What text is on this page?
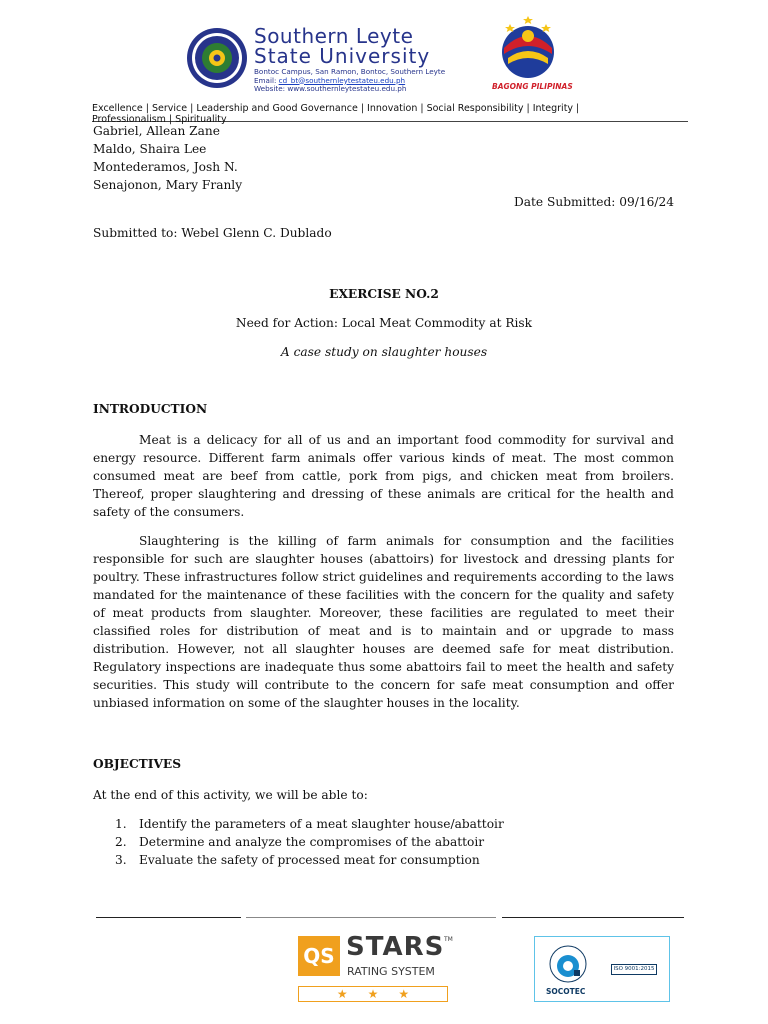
Southern Leyte
State University
Bontoc Campus, San Ramon, Bontoc, Southern Leyte
Email: cd_bt@southernleytestateu.edu.ph
Website: www.southernleytestateu.edu.ph	BAGONG PILIPINAS
Excellence | Service | Leadership and Good Governance | Innovation | Social Responsibility | Integrity | Professionalism | Spirituality
Gabriel, Allean Zane
Maldo, Shaira Lee
Montederamos, Josh N.
Senajonon, Mary Franly
Date Submitted: 09/16/24
Submitted to: Webel Glenn C. Dublado
EXERCISE NO.2
Need for Action: Local Meat Commodity at Risk
A case study on slaughter houses
INTRODUCTION

Meat is a delicacy for all of us and an important food commodity for survival and energy resource. Different farm animals offer various kinds of meat. The most common consumed meat are beef from cattle, pork from pigs, and chicken meat from broilers. Thereof, proper slaughtering and dressing of these animals are critical for the health and safety of the consumers.

Slaughtering is the killing of farm animals for consumption and the facilities responsible for such are slaughter houses (abattoirs) for livestock and dressing plants for poultry. These infrastructures follow strict guidelines and requirements according to the laws mandated for the maintenance of these facilities with the concern for the quality and safety of meat products from slaughter. Moreover, these facilities are regulated to meet their classified roles for distribution of meat and is to maintain and or upgrade to mass distribution. However, not all slaughter houses are deemed safe for meat distribution. Regulatory inspections are inadequate thus some abattoirs fail to meet the health and safety securities. This study will contribute to the concern for safe meat consumption and offer unbiased information on some of the slaughter houses in the locality.

OBJECTIVES
At the end of this activity, we will be able to:
1. Identify the parameters of a meat slaughter house/abattoir
2. Determine and analyze the compromises of the abattoir
3. Evaluate the safety of processed meat for consumption
QS STARS TM
RATING SYSTEM
★★★
ISO 9001:2015
SOCOTEC
